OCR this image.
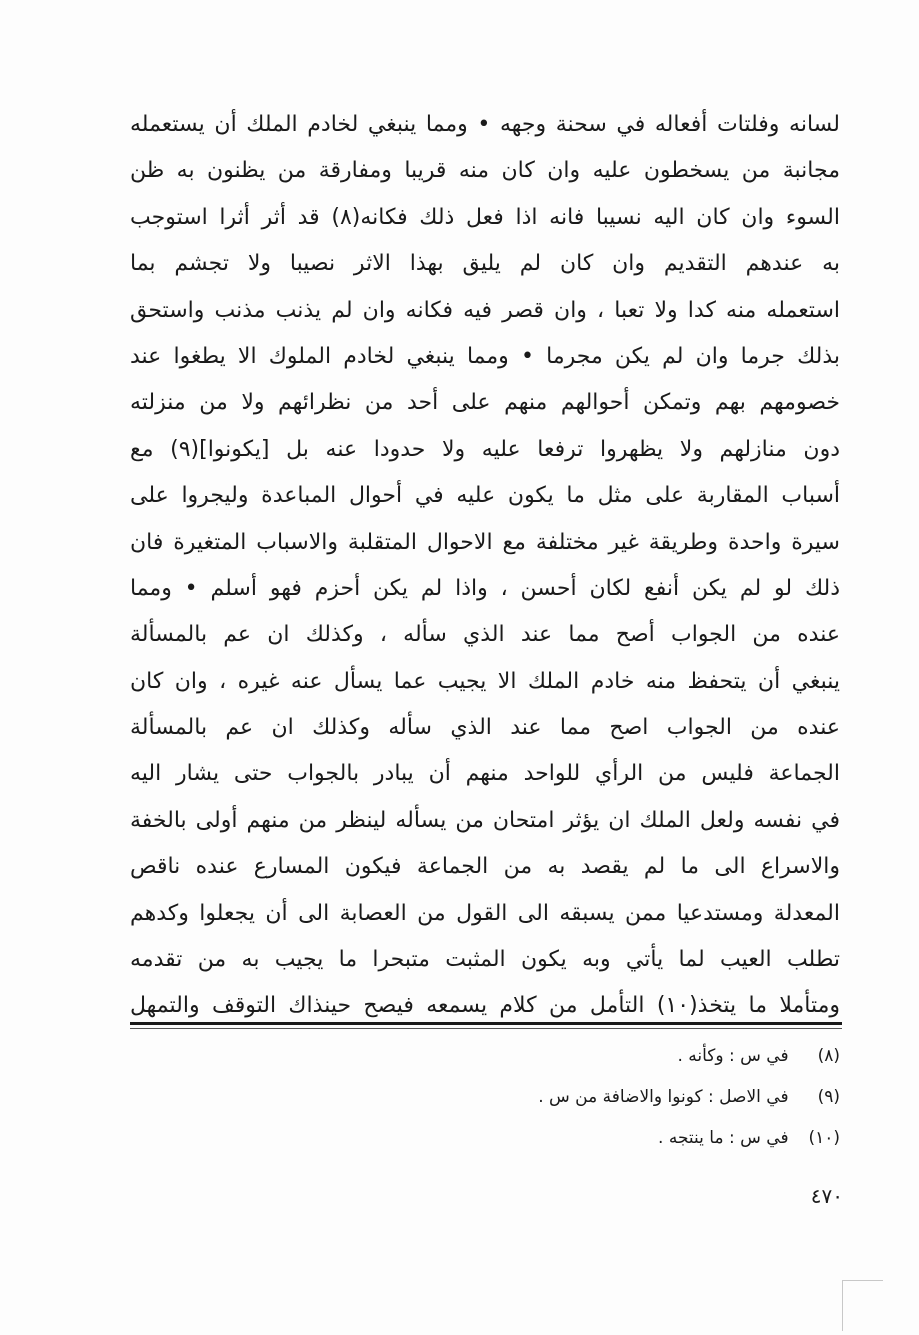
لسانه وفلتات أفعاله في سحنة وجهه • ومما ينبغي لخادم الملك أن يستعمله
مجانبة من يسخطون عليه وان كان منه قريبا ومفارقة من يظنون به ظن
السوء وان كان اليه نسيبا فانه اذا فعل ذلك فكانه(٨) قد أثر أثرا استوجب
به عندهم التقديم وان كان لم يليق بهذا الاثر نصيبا ولا تجشم بما
استعمله منه كدا ولا تعبا ، وان قصر فيه فكانه وان لم يذنب مذنب واستحق
بذلك جرما وان لم يكن مجرما • ومما ينبغي لخادم الملوك الا يطغوا عند
خصومهم بهم وتمكن أحوالهم منهم على أحد من نظرائهم ولا من منزلته
دون منازلهم ولا يظهروا ترفعا عليه ولا حدودا عنه بل [يكونوا](٩) مع
أسباب المقاربة على مثل ما يكون عليه في أحوال المباعدة وليجروا على
سيرة واحدة وطريقة غير مختلفة مع الاحوال المتقلبة والاسباب المتغيرة فان
ذلك لو لم يكن أنفع لكان أحسن ، واذا لم يكن أحزم فهو أسلم • ومما
عنده من الجواب أصح مما عند الذي سأله ، وكذلك ان عم بالمسألة
ينبغي أن يتحفظ منه خادم الملك الا يجيب عما يسأل عنه غيره ، وان كان
عنده من الجواب اصح مما عند الذي سأله وكذلك ان عم بالمسألة
الجماعة فليس من الرأي للواحد منهم أن يبادر بالجواب حتى يشار اليه
في نفسه ولعل الملك ان يؤثر امتحان من يسأله لينظر من منهم أولى بالخفة
والاسراع الى ما لم يقصد به من الجماعة فيكون المسارع عنده ناقص
المعدلة ومستدعيا ممن يسبقه الى القول من العصابة الى أن يجعلوا وكدهم
تطلب العيب لما يأتي وبه يكون المثبت متبحرا ما يجيب به من تقدمه
ومتأملا ما يتخذ(١٠) التأمل من كلام يسمعه فيصح حينذاك التوقف والتمهل
(٨) في س : وكأنه .
(٩) في الاصل : كونوا والاضافة من س .
(١٠) في س : ما ينتجه .
٤٧٠
